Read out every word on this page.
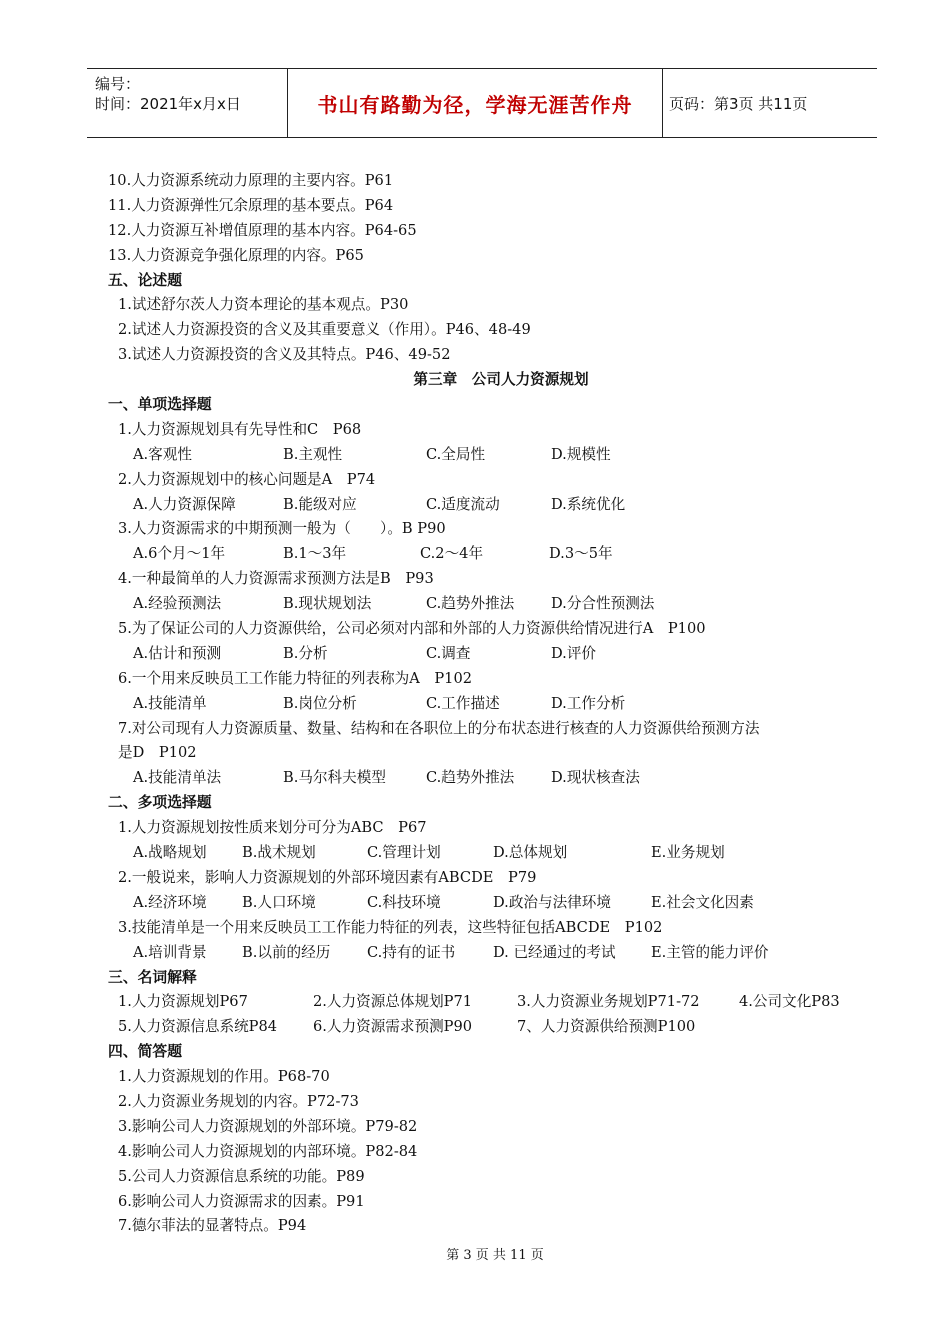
编号：
时间：2021年x月x日	书山有路勤为径，学海无涯苦作舟	页码：第3页 共11页
10.人力资源系统动力原理的主要内容。P61
11.人力资源弹性冗余原理的基本要点。P64
12.人力资源互补增值原理的基本内容。P64-65
13.人力资源竞争强化原理的内容。P65
五、论述题
1.试述舒尔茨人力资本理论的基本观点。P30
2.试述人力资源投资的含义及其重要意义（作用）。P46、48-49
3.试述人力资源投资的含义及其特点。P46、49-52
第三章　公司人力资源规划
一、单项选择题
1.人力资源规划具有先导性和C　P68
A.客观性	B.主观性	C.全局性	D.规模性
2.人力资源规划中的核心问题是A　P74
A.人力资源保障	B.能级对应	C.适度流动	D.系统优化
3.人力资源需求的中期预测一般为（　　）。B P90
A.6个月～1年	B.1～3年	C.2～4年	D.3～5年
4.一种最简单的人力资源需求预测方法是B　P93
A.经验预测法	B.现状规划法	C.趋势外推法	D.分合性预测法
5.为了保证公司的人力资源供给，公司必须对内部和外部的人力资源供给情况进行A　P100
A.估计和预测	B.分析	C.调查	D.评价
6.一个用来反映员工工作能力特征的列表称为A　P102
A.技能清单	B.岗位分析	C.工作描述	D.工作分析
7.对公司现有人力资源质量、数量、结构和在各职位上的分布状态进行核查的人力资源供给预测方法
是D　P102
A.技能清单法	B.马尔科夫模型	C.趋势外推法	D.现状核查法
二、多项选择题
1.人力资源规划按性质来划分可分为ABC　P67
A.战略规划 B.战术规划	C.管理计划	D.总体规划	E.业务规划
2.一般说来，影响人力资源规划的外部环境因素有ABCDE　P79
A.经济环境 B.人口环境	C.科技环境	D.政治与法律环境	E.社会文化因素
3.技能清单是一个用来反映员工工作能力特征的列表，这些特征包括ABCDE　P102
A.培训背景 B.以前的经历	C.持有的证书	D. 已经通过的考试 E.主管的能力评价
三、名词解释
1.人力资源规划P67	2.人力资源总体规划P71	3.人力资源业务规划P71-72	4.公司文化P83
5.人力资源信息系统P84 6.人力资源需求预测P90	7、人力资源供给预测P100
四、简答题
1.人力资源规划的作用。P68-70
2.人力资源业务规划的内容。P72-73
3.影响公司人力资源规划的外部环境。P79-82
4.影响公司人力资源规划的内部环境。P82-84
5.公司人力资源信息系统的功能。P89
6.影响公司人力资源需求的因素。P91
7.德尔菲法的显著特点。P94
第 3 页 共 11 页
